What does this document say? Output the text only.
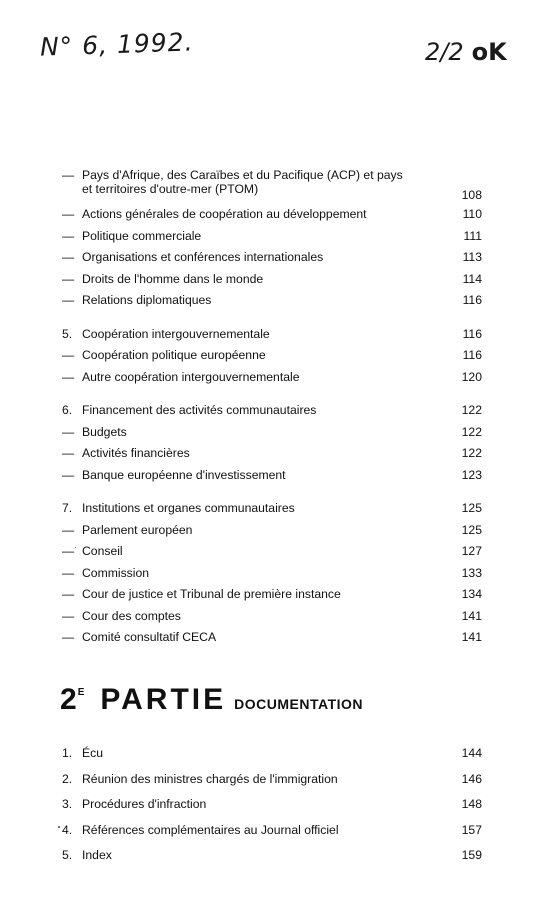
N° 6, 1992.	2/2 oK
— Pays d'Afrique, des Caraïbes et du Pacifique (ACP) et pays et territoires d'outre-mer (PTOM)	108
— Actions générales de coopération au développement	110
— Politique commerciale	111
— Organisations et conférences internationales	113
— Droits de l'homme dans le monde	114
— Relations diplomatiques	116
5. Coopération intergouvernementale	116
— Coopération politique européenne	116
— Autre coopération intergouvernementale	120
6. Financement des activités communautaires	122
— Budgets	122
— Activités financières	122
— Banque européenne d'investissement	123
7. Institutions et organes communautaires	125
— Parlement européen	125
— Conseil	127
— Commission	133
— Cour de justice et Tribunal de première instance	134
— Cour des comptes	141
— Comité consultatif CECA	141
2 E PARTIE DOCUMENTATION
1. Écu	144
2. Réunion des ministres chargés de l'immigration	146
3. Procédures d'infraction	148
4. Références complémentaires au Journal officiel	157
5. Index	159
